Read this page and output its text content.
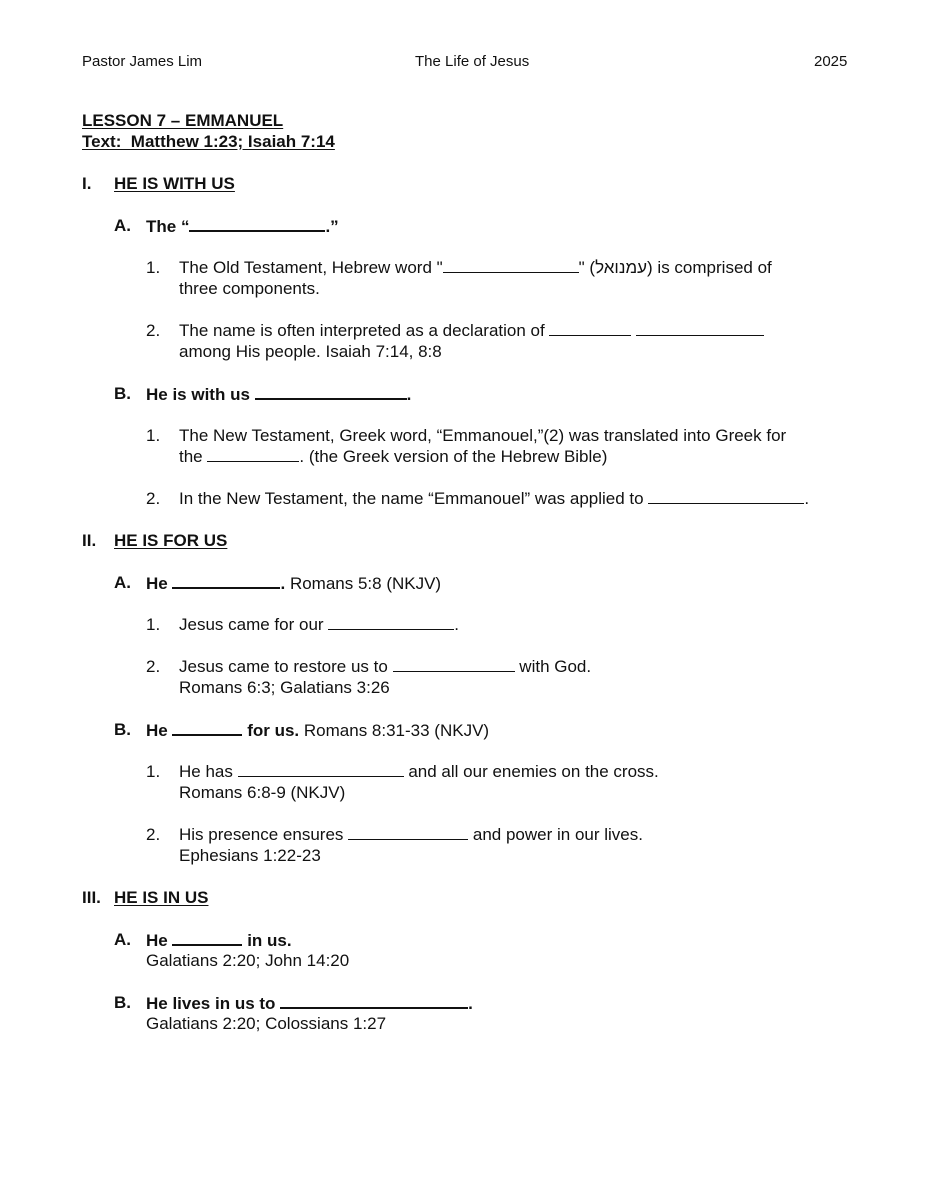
Pastor James Lim	The Life of Jesus	2025
LESSON 7 – EMMANUEL
Text:  Matthew 1:23; Isaiah 7:14
I. HE IS WITH US
A. The “	.”
1. The Old Testament, Hebrew word "	" (עמנואל) is comprised of
three components.
2. The name is often interpreted as a declaration of
among His people. Isaiah 7:14, 8:8
B. He is with us	.
1. The New Testament, Greek word, “Emmanouel,”(2) was translated into Greek for
the	. (the Greek version of the Hebrew Bible)
2. In the New Testament, the name “Emmanouel” was applied to	.
II. HE IS FOR US
A. He	. Romans 5:8 (NKJV)
1. Jesus came for our	.
2. Jesus came to restore us to	with God.
Romans 6:3; Galatians 3:26
B. He	for us. Romans 8:31-33 (NKJV)
1. He has	and all our enemies on the cross.
Romans 6:8-9 (NKJV)
2. His presence ensures	and power in our lives.
Ephesians 1:22-23
III. HE IS IN US
A. He	in us.
Galatians 2:20; John 14:20
B. He lives in us to	.
Galatians 2:20; Colossians 1:27
